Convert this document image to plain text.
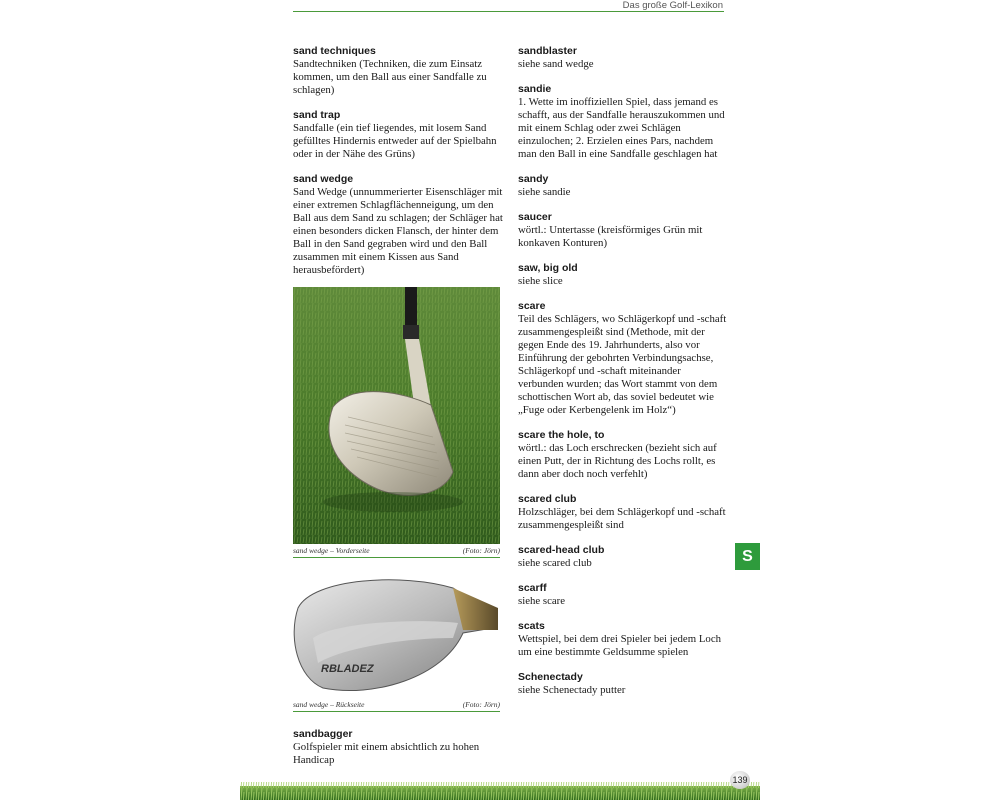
Das große Golf-Lexikon
sand techniques
Sandtechniken (Techniken, die zum Einsatz kommen, um den Ball aus einer Sandfalle zu schlagen)
sand trap
Sandfalle (ein tief liegendes, mit losem Sand gefülltes Hindernis entweder auf der Spielbahn oder in der Nähe des Grüns)
sand wedge
Sand Wedge (unnummerierter Eisenschläger mit einer extremen Schlagflächenneigung, um den Ball aus dem Sand zu schlagen; der Schläger hat einen besonders dicken Flansch, der hinter dem Ball in den Sand gegraben wird und den Ball zusammen mit einem Kissen aus Sand herausbefördert)
sand wedge – Vorderseite	(Foto: Jörn)
RBLADEZ
sand wedge – Rückseite	(Foto: Jörn)
sandbagger
Golfspieler mit einem absichtlich zu hohen Handicap
sandblaster
siehe sand wedge
sandie
1. Wette im inoffiziellen Spiel, dass jemand es schafft, aus der Sandfalle herauszukommen und mit einem Schlag oder zwei Schlägen einzulochen; 2. Erzielen eines Pars, nachdem man den Ball in eine Sandfalle geschlagen hat
sandy
siehe sandie
saucer
wörtl.: Untertasse (kreisförmiges Grün mit konkaven Konturen)
saw, big old
siehe slice
scare
Teil des Schlägers, wo Schlägerkopf und -schaft zusammengespleißt sind (Methode, mit der gegen Ende des 19. Jahrhunderts, also vor Einführung der gebohrten Verbindungsachse, Schlägerkopf und -schaft miteinander verbunden wurden; das Wort stammt von dem schottischen Wort ab, das soviel bedeutet wie „Fuge oder Kerbengelenk im Holz“)
scare the hole, to
wörtl.: das Loch erschrecken (bezieht sich auf einen Putt, der in Richtung des Lochs rollt, es dann aber doch noch verfehlt)
scared club
Holzschläger, bei dem Schlägerkopf und -schaft zusammengespleißt sind
scared-head club
siehe scared club
scarff
siehe scare
scats
Wettspiel, bei dem drei Spieler bei jedem Loch um eine bestimmte Geldsumme spielen
Schenectady
siehe Schenectady putter
S
139
